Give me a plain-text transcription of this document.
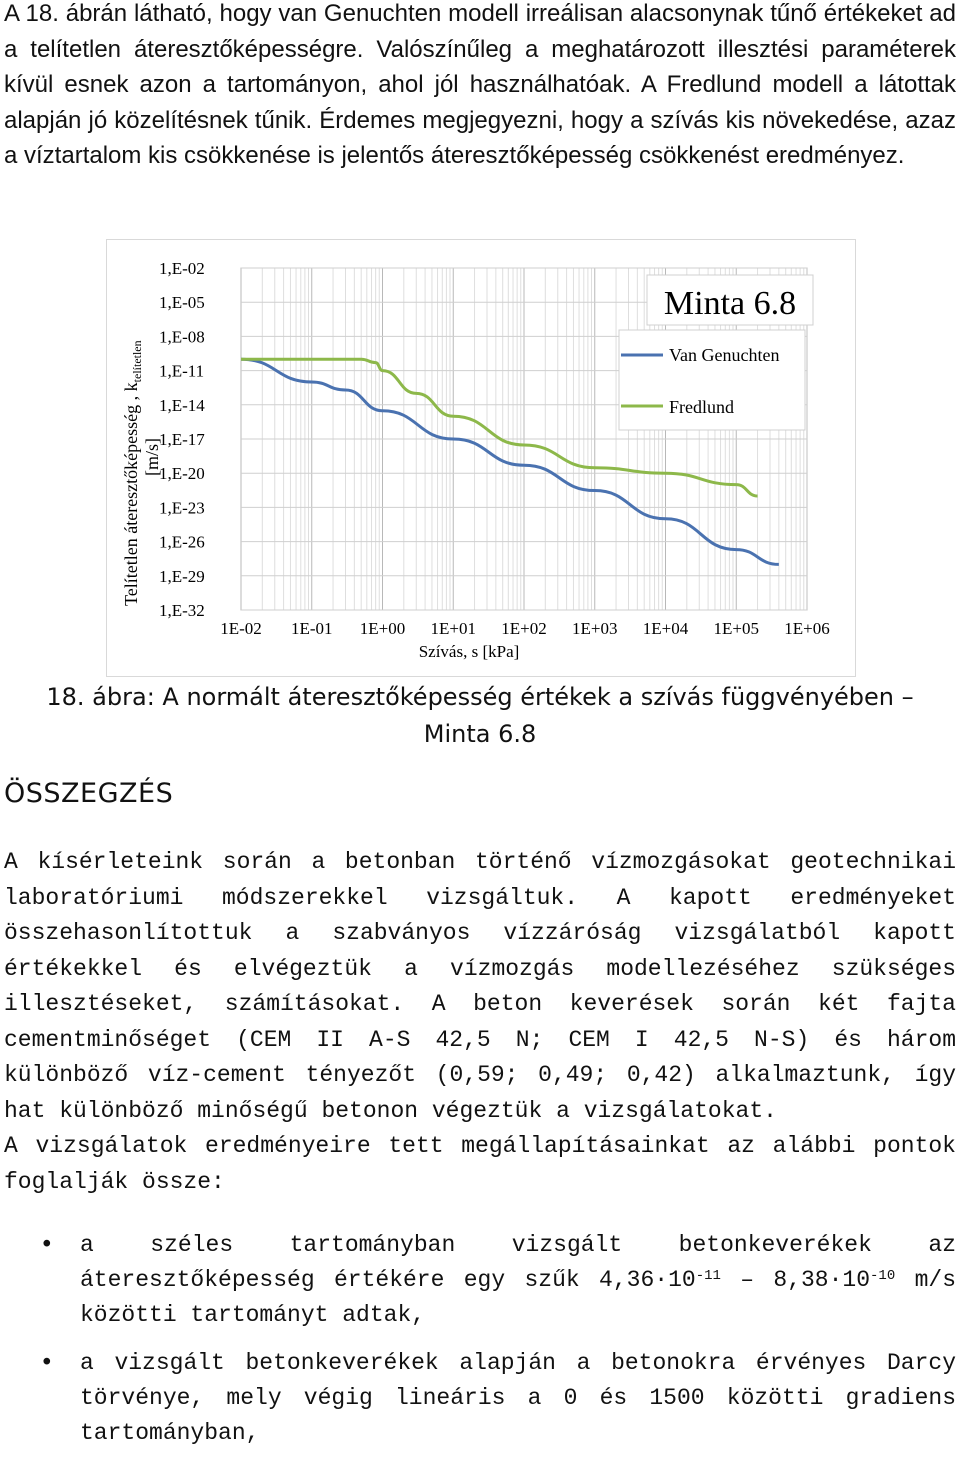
A 18. ábrán látható, hogy van Genuchten modell irreálisan alacsonynak tűnő értékeket ad a telítetlen áteresztőképességre. Valószínűleg a meghatározott illesztési paraméterek kívül esnek azon a tartományon, ahol jól használhatóak. A Fredlund modell a látottak alapján jó közelítésnek tűnik. Érdemes megjegyezni, hogy a szívás kis növekedése, azaz a víztartalom kis csökkenése is jelentős áteresztőképesség csökkenést eredményez.

1,E-02
1,E-05
1,E-08
1,E-11
1,E-14
1,E-17
1,E-20
1,E-23
1,E-26
1,E-29
1,E-32
1E-02 1E-01 1E+00 1E+01 1E+02 1E+03 1E+04 1E+05 1E+06
Szívás, s [kPa]
Telítetlen áteresztőképesség , $k_{telítetlen}$
[m/s]
Minta 6.8
Van Genuchten
Fredlund
18. ábra: A normált áteresztőképesség értékek a szívás függvényében –
Minta 6.8
ÖSSZEGZÉS

A kísérleteink során a betonban történő vízmozgásokat geotechnikai laboratóriumi módszerekkel vizsgáltuk. A kapott eredményeket összehasonlítottuk a szabványos vízzáróság vizsgálatból kapott értékekkel és elvégeztük a vízmozgás modellezéséhez szükséges illesztéseket, számításokat. A beton keverések során két fajta cementminőséget (CEM II A-S 42,5 N; CEM I 42,5 N-S) és három különböző víz-cement tényezőt (0,59; 0,49; 0,42) alkalmaztunk, így hat különböző minőségű betonon végeztük a vizsgálatokat.

A vizsgálatok eredményeire tett megállapításainkat az alábbi pontok foglalják össze:

• a széles tartományban vizsgált betonkeverékek az áteresztőképesség értékére egy szűk $4,36\cdot 10^{-11} - 8,38\cdot 10^{-10}$ m/s közötti tartományt adtak,
• a vizsgált betonkeverékek alapján a betonokra érvényes Darcy törvénye, mely végig lineáris a 0 és 1500 közötti gradiens tartományban,
